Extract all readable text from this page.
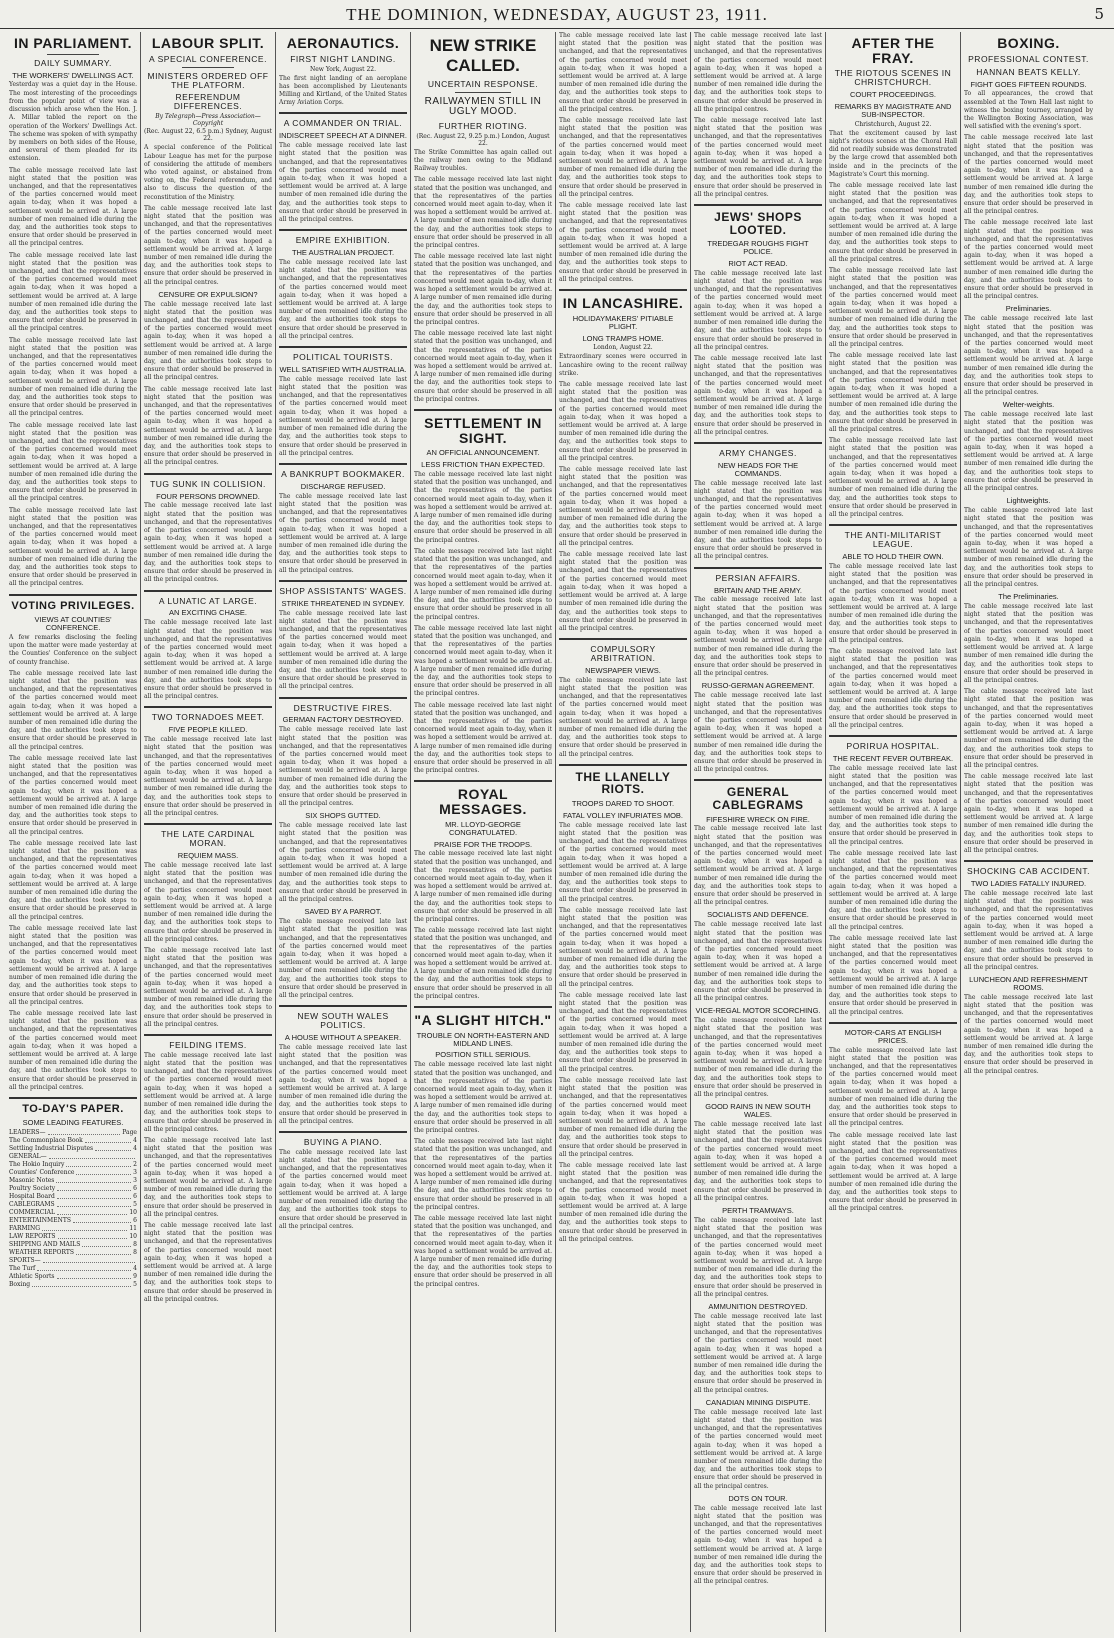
THE DOMINION, WEDNESDAY, AUGUST 23, 1911.	5
IN PARLIAMENT.
DAILY SUMMARY.
THE WORKERS' DWELLINGS ACT.

Yesterday was a quiet day in the House. The most interesting of the proceedings from the popular point of view was a discussion which arose when the Hon. J. A. Millar tabled the report on the operation of the Workers' Dwellings Act. The scheme was spoken of with sympathy by members on both sides of the House, and several of them pleaded for its extension.

The cable message received late last night stated that the position was unchanged, and that the representatives of the parties concerned would meet again to-day, when it was hoped a settlement would be arrived at. A large number of men remained idle during the day, and the authorities took steps to ensure that order should be preserved in all the principal centres.

The cable message received late last night stated that the position was unchanged, and that the representatives of the parties concerned would meet again to-day, when it was hoped a settlement would be arrived at. A large number of men remained idle during the day, and the authorities took steps to ensure that order should be preserved in all the principal centres.

The cable message received late last night stated that the position was unchanged, and that the representatives of the parties concerned would meet again to-day, when it was hoped a settlement would be arrived at. A large number of men remained idle during the day, and the authorities took steps to ensure that order should be preserved in all the principal centres.

The cable message received late last night stated that the position was unchanged, and that the representatives of the parties concerned would meet again to-day, when it was hoped a settlement would be arrived at. A large number of men remained idle during the day, and the authorities took steps to ensure that order should be preserved in all the principal centres.

The cable message received late last night stated that the position was unchanged, and that the representatives of the parties concerned would meet again to-day, when it was hoped a settlement would be arrived at. A large number of men remained idle during the day, and the authorities took steps to ensure that order should be preserved in all the principal centres.

VOTING PRIVILEGES.
VIEWS AT COUNTIES' CONFERENCE.

A few remarks disclosing the feeling upon the matter were made yesterday at the Counties' Conference on the subject of county franchise.

The cable message received late last night stated that the position was unchanged, and that the representatives of the parties concerned would meet again to-day, when it was hoped a settlement would be arrived at. A large number of men remained idle during the day, and the authorities took steps to ensure that order should be preserved in all the principal centres.

The cable message received late last night stated that the position was unchanged, and that the representatives of the parties concerned would meet again to-day, when it was hoped a settlement would be arrived at. A large number of men remained idle during the day, and the authorities took steps to ensure that order should be preserved in all the principal centres.

The cable message received late last night stated that the position was unchanged, and that the representatives of the parties concerned would meet again to-day, when it was hoped a settlement would be arrived at. A large number of men remained idle during the day, and the authorities took steps to ensure that order should be preserved in all the principal centres.

The cable message received late last night stated that the position was unchanged, and that the representatives of the parties concerned would meet again to-day, when it was hoped a settlement would be arrived at. A large number of men remained idle during the day, and the authorities took steps to ensure that order should be preserved in all the principal centres.

The cable message received late last night stated that the position was unchanged, and that the representatives of the parties concerned would meet again to-day, when it was hoped a settlement would be arrived at. A large number of men remained idle during the day, and the authorities took steps to ensure that order should be preserved in all the principal centres.

TO-DAY'S PAPER.
SOME LEADING FEATURES.
LEADERS—	Page
The Commonplace Book	4
Settling Industrial Disputes	4
GENERAL—
The Hokio Inquiry	2
Counties' Conference	3
Masonic Notes	3
Poultry Society	6
Hospital Board	6
CABLEGRAMS	5
COMMERCIAL	10
ENTERTAINMENTS	6
FARMING	11
LAW REPORTS	10
SHIPPING AND MAILS	8
WEATHER REPORTS	8
SPORTS—
The Turf	4
Athletic Sports	9
Boxing	5
LABOUR SPLIT.
A SPECIAL CONFERENCE.
MINISTERS ORDERED OFF THE PLATFORM.
REFERENDUM DIFFERENCES.
By Telegraph—Press Association—Copyright
(Rec. August 22, 6.5 p.m.) Sydney, August 22.

A special conference of the Political Labour League has met for the purpose of considering the attitude of members who voted against, or abstained from voting on, the Federal referendum, and also to discuss the question of the reconstitution of the Ministry.

The cable message received late last night stated that the position was unchanged, and that the representatives of the parties concerned would meet again to-day, when it was hoped a settlement would be arrived at. A large number of men remained idle during the day, and the authorities took steps to ensure that order should be preserved in all the principal centres.

CENSURE OR EXPULSION?

The cable message received late last night stated that the position was unchanged, and that the representatives of the parties concerned would meet again to-day, when it was hoped a settlement would be arrived at. A large number of men remained idle during the day, and the authorities took steps to ensure that order should be preserved in all the principal centres.

The cable message received late last night stated that the position was unchanged, and that the representatives of the parties concerned would meet again to-day, when it was hoped a settlement would be arrived at. A large number of men remained idle during the day, and the authorities took steps to ensure that order should be preserved in all the principal centres.

TUG SUNK IN COLLISION.
FOUR PERSONS DROWNED.

The cable message received late last night stated that the position was unchanged, and that the representatives of the parties concerned would meet again to-day, when it was hoped a settlement would be arrived at. A large number of men remained idle during the day, and the authorities took steps to ensure that order should be preserved in all the principal centres.

A LUNATIC AT LARGE.
AN EXCITING CHASE.

The cable message received late last night stated that the position was unchanged, and that the representatives of the parties concerned would meet again to-day, when it was hoped a settlement would be arrived at. A large number of men remained idle during the day, and the authorities took steps to ensure that order should be preserved in all the principal centres.

TWO TORNADOES MEET.
FIVE PEOPLE KILLED.

The cable message received late last night stated that the position was unchanged, and that the representatives of the parties concerned would meet again to-day, when it was hoped a settlement would be arrived at. A large number of men remained idle during the day, and the authorities took steps to ensure that order should be preserved in all the principal centres.

THE LATE CARDINAL MORAN.
REQUIEM MASS.

The cable message received late last night stated that the position was unchanged, and that the representatives of the parties concerned would meet again to-day, when it was hoped a settlement would be arrived at. A large number of men remained idle during the day, and the authorities took steps to ensure that order should be preserved in all the principal centres.

The cable message received late last night stated that the position was unchanged, and that the representatives of the parties concerned would meet again to-day, when it was hoped a settlement would be arrived at. A large number of men remained idle during the day, and the authorities took steps to ensure that order should be preserved in all the principal centres.

FEILDING ITEMS.

The cable message received late last night stated that the position was unchanged, and that the representatives of the parties concerned would meet again to-day, when it was hoped a settlement would be arrived at. A large number of men remained idle during the day, and the authorities took steps to ensure that order should be preserved in all the principal centres.

The cable message received late last night stated that the position was unchanged, and that the representatives of the parties concerned would meet again to-day, when it was hoped a settlement would be arrived at. A large number of men remained idle during the day, and the authorities took steps to ensure that order should be preserved in all the principal centres.

The cable message received late last night stated that the position was unchanged, and that the representatives of the parties concerned would meet again to-day, when it was hoped a settlement would be arrived at. A large number of men remained idle during the day, and the authorities took steps to ensure that order should be preserved in all the principal centres.

AERONAUTICS.
FIRST NIGHT LANDING.
New York, August 22.

The first night landing of an aeroplane has been accomplished by Lieutenants Milling and Kirtland, of the United States Army Aviation Corps.

A COMMANDER ON TRIAL.
INDISCREET SPEECH AT A DINNER.

The cable message received late last night stated that the position was unchanged, and that the representatives of the parties concerned would meet again to-day, when it was hoped a settlement would be arrived at. A large number of men remained idle during the day, and the authorities took steps to ensure that order should be preserved in all the principal centres.

EMPIRE EXHIBITION.
THE AUSTRALIAN PROJECT.

The cable message received late last night stated that the position was unchanged, and that the representatives of the parties concerned would meet again to-day, when it was hoped a settlement would be arrived at. A large number of men remained idle during the day, and the authorities took steps to ensure that order should be preserved in all the principal centres.

POLITICAL TOURISTS.
WELL SATISFIED WITH AUSTRALIA.

The cable message received late last night stated that the position was unchanged, and that the representatives of the parties concerned would meet again to-day, when it was hoped a settlement would be arrived at. A large number of men remained idle during the day, and the authorities took steps to ensure that order should be preserved in all the principal centres.

A BANKRUPT BOOKMAKER.
DISCHARGE REFUSED.

The cable message received late last night stated that the position was unchanged, and that the representatives of the parties concerned would meet again to-day, when it was hoped a settlement would be arrived at. A large number of men remained idle during the day, and the authorities took steps to ensure that order should be preserved in all the principal centres.

SHOP ASSISTANTS' WAGES.
STRIKE THREATENED IN SYDNEY.

The cable message received late last night stated that the position was unchanged, and that the representatives of the parties concerned would meet again to-day, when it was hoped a settlement would be arrived at. A large number of men remained idle during the day, and the authorities took steps to ensure that order should be preserved in all the principal centres.

DESTRUCTIVE FIRES.
GERMAN FACTORY DESTROYED.

The cable message received late last night stated that the position was unchanged, and that the representatives of the parties concerned would meet again to-day, when it was hoped a settlement would be arrived at. A large number of men remained idle during the day, and the authorities took steps to ensure that order should be preserved in all the principal centres.

SIX SHOPS GUTTED.

The cable message received late last night stated that the position was unchanged, and that the representatives of the parties concerned would meet again to-day, when it was hoped a settlement would be arrived at. A large number of men remained idle during the day, and the authorities took steps to ensure that order should be preserved in all the principal centres.

SAVED BY A PARROT.

The cable message received late last night stated that the position was unchanged, and that the representatives of the parties concerned would meet again to-day, when it was hoped a settlement would be arrived at. A large number of men remained idle during the day, and the authorities took steps to ensure that order should be preserved in all the principal centres.

NEW SOUTH WALES POLITICS.
A HOUSE WITHOUT A SPEAKER.

The cable message received late last night stated that the position was unchanged, and that the representatives of the parties concerned would meet again to-day, when it was hoped a settlement would be arrived at. A large number of men remained idle during the day, and the authorities took steps to ensure that order should be preserved in all the principal centres.

BUYING A PIANO.

The cable message received late last night stated that the position was unchanged, and that the representatives of the parties concerned would meet again to-day, when it was hoped a settlement would be arrived at. A large number of men remained idle during the day, and the authorities took steps to ensure that order should be preserved in all the principal centres.

NEW STRIKE CALLED.
UNCERTAIN RESPONSE.
RAILWAYMEN STILL IN UGLY MOOD.
FURTHER RIOTING.
(Rec. August 22, 9.25 p.m.) London, August 22.

The Strike Committee has again called out the railway men owing to the Midland Railway troubles.

The cable message received late last night stated that the position was unchanged, and that the representatives of the parties concerned would meet again to-day, when it was hoped a settlement would be arrived at. A large number of men remained idle during the day, and the authorities took steps to ensure that order should be preserved in all the principal centres.

The cable message received late last night stated that the position was unchanged, and that the representatives of the parties concerned would meet again to-day, when it was hoped a settlement would be arrived at. A large number of men remained idle during the day, and the authorities took steps to ensure that order should be preserved in all the principal centres.

The cable message received late last night stated that the position was unchanged, and that the representatives of the parties concerned would meet again to-day, when it was hoped a settlement would be arrived at. A large number of men remained idle during the day, and the authorities took steps to ensure that order should be preserved in all the principal centres.

SETTLEMENT IN SIGHT.
AN OFFICIAL ANNOUNCEMENT.
LESS FRICTION THAN EXPECTED.

The cable message received late last night stated that the position was unchanged, and that the representatives of the parties concerned would meet again to-day, when it was hoped a settlement would be arrived at. A large number of men remained idle during the day, and the authorities took steps to ensure that order should be preserved in all the principal centres.

The cable message received late last night stated that the position was unchanged, and that the representatives of the parties concerned would meet again to-day, when it was hoped a settlement would be arrived at. A large number of men remained idle during the day, and the authorities took steps to ensure that order should be preserved in all the principal centres.

The cable message received late last night stated that the position was unchanged, and that the representatives of the parties concerned would meet again to-day, when it was hoped a settlement would be arrived at. A large number of men remained idle during the day, and the authorities took steps to ensure that order should be preserved in all the principal centres.

The cable message received late last night stated that the position was unchanged, and that the representatives of the parties concerned would meet again to-day, when it was hoped a settlement would be arrived at. A large number of men remained idle during the day, and the authorities took steps to ensure that order should be preserved in all the principal centres.

ROYAL MESSAGES.
MR. LLOYD-GEORGE CONGRATULATED.
PRAISE FOR THE TROOPS.

The cable message received late last night stated that the position was unchanged, and that the representatives of the parties concerned would meet again to-day, when it was hoped a settlement would be arrived at. A large number of men remained idle during the day, and the authorities took steps to ensure that order should be preserved in all the principal centres.

The cable message received late last night stated that the position was unchanged, and that the representatives of the parties concerned would meet again to-day, when it was hoped a settlement would be arrived at. A large number of men remained idle during the day, and the authorities took steps to ensure that order should be preserved in all the principal centres.

"A SLIGHT HITCH."
TROUBLE ON NORTH-EASTERN AND MIDLAND LINES.
POSITION STILL SERIOUS.

The cable message received late last night stated that the position was unchanged, and that the representatives of the parties concerned would meet again to-day, when it was hoped a settlement would be arrived at. A large number of men remained idle during the day, and the authorities took steps to ensure that order should be preserved in all the principal centres.

The cable message received late last night stated that the position was unchanged, and that the representatives of the parties concerned would meet again to-day, when it was hoped a settlement would be arrived at. A large number of men remained idle during the day, and the authorities took steps to ensure that order should be preserved in all the principal centres.

The cable message received late last night stated that the position was unchanged, and that the representatives of the parties concerned would meet again to-day, when it was hoped a settlement would be arrived at. A large number of men remained idle during the day, and the authorities took steps to ensure that order should be preserved in all the principal centres.

The cable message received late last night stated that the position was unchanged, and that the representatives of the parties concerned would meet again to-day, when it was hoped a settlement would be arrived at. A large number of men remained idle during the day, and the authorities took steps to ensure that order should be preserved in all the principal centres.

The cable message received late last night stated that the position was unchanged, and that the representatives of the parties concerned would meet again to-day, when it was hoped a settlement would be arrived at. A large number of men remained idle during the day, and the authorities took steps to ensure that order should be preserved in all the principal centres.

The cable message received late last night stated that the position was unchanged, and that the representatives of the parties concerned would meet again to-day, when it was hoped a settlement would be arrived at. A large number of men remained idle during the day, and the authorities took steps to ensure that order should be preserved in all the principal centres.

IN LANCASHIRE.
HOLIDAYMAKERS' PITIABLE PLIGHT.
LONG TRAMPS HOME.
London, August 22.

Extraordinary scenes were occurred in Lancashire owing to the recent railway strike.

The cable message received late last night stated that the position was unchanged, and that the representatives of the parties concerned would meet again to-day, when it was hoped a settlement would be arrived at. A large number of men remained idle during the day, and the authorities took steps to ensure that order should be preserved in all the principal centres.

The cable message received late last night stated that the position was unchanged, and that the representatives of the parties concerned would meet again to-day, when it was hoped a settlement would be arrived at. A large number of men remained idle during the day, and the authorities took steps to ensure that order should be preserved in all the principal centres.

The cable message received late last night stated that the position was unchanged, and that the representatives of the parties concerned would meet again to-day, when it was hoped a settlement would be arrived at. A large number of men remained idle during the day, and the authorities took steps to ensure that order should be preserved in all the principal centres.

COMPULSORY ARBITRATION.
NEWSPAPER VIEWS.

The cable message received late last night stated that the position was unchanged, and that the representatives of the parties concerned would meet again to-day, when it was hoped a settlement would be arrived at. A large number of men remained idle during the day, and the authorities took steps to ensure that order should be preserved in all the principal centres.

THE LLANELLY RIOTS.
TROOPS DARED TO SHOOT.
FATAL VOLLEY INFURIATES MOB.

The cable message received late last night stated that the position was unchanged, and that the representatives of the parties concerned would meet again to-day, when it was hoped a settlement would be arrived at. A large number of men remained idle during the day, and the authorities took steps to ensure that order should be preserved in all the principal centres.

The cable message received late last night stated that the position was unchanged, and that the representatives of the parties concerned would meet again to-day, when it was hoped a settlement would be arrived at. A large number of men remained idle during the day, and the authorities took steps to ensure that order should be preserved in all the principal centres.

The cable message received late last night stated that the position was unchanged, and that the representatives of the parties concerned would meet again to-day, when it was hoped a settlement would be arrived at. A large number of men remained idle during the day, and the authorities took steps to ensure that order should be preserved in all the principal centres.

The cable message received late last night stated that the position was unchanged, and that the representatives of the parties concerned would meet again to-day, when it was hoped a settlement would be arrived at. A large number of men remained idle during the day, and the authorities took steps to ensure that order should be preserved in all the principal centres.

The cable message received late last night stated that the position was unchanged, and that the representatives of the parties concerned would meet again to-day, when it was hoped a settlement would be arrived at. A large number of men remained idle during the day, and the authorities took steps to ensure that order should be preserved in all the principal centres.

The cable message received late last night stated that the position was unchanged, and that the representatives of the parties concerned would meet again to-day, when it was hoped a settlement would be arrived at. A large number of men remained idle during the day, and the authorities took steps to ensure that order should be preserved in all the principal centres.

The cable message received late last night stated that the position was unchanged, and that the representatives of the parties concerned would meet again to-day, when it was hoped a settlement would be arrived at. A large number of men remained idle during the day, and the authorities took steps to ensure that order should be preserved in all the principal centres.

JEWS' SHOPS LOOTED.
TREDEGAR ROUGHS FIGHT POLICE.
RIOT ACT READ.

The cable message received late last night stated that the position was unchanged, and that the representatives of the parties concerned would meet again to-day, when it was hoped a settlement would be arrived at. A large number of men remained idle during the day, and the authorities took steps to ensure that order should be preserved in all the principal centres.

The cable message received late last night stated that the position was unchanged, and that the representatives of the parties concerned would meet again to-day, when it was hoped a settlement would be arrived at. A large number of men remained idle during the day, and the authorities took steps to ensure that order should be preserved in all the principal centres.

ARMY CHANGES.
NEW HEADS FOR THE COMMANDS.

The cable message received late last night stated that the position was unchanged, and that the representatives of the parties concerned would meet again to-day, when it was hoped a settlement would be arrived at. A large number of men remained idle during the day, and the authorities took steps to ensure that order should be preserved in all the principal centres.

PERSIAN AFFAIRS.
BRITAIN AND THE ARMY.

The cable message received late last night stated that the position was unchanged, and that the representatives of the parties concerned would meet again to-day, when it was hoped a settlement would be arrived at. A large number of men remained idle during the day, and the authorities took steps to ensure that order should be preserved in all the principal centres.

RUSSO-GERMAN AGREEMENT.

The cable message received late last night stated that the position was unchanged, and that the representatives of the parties concerned would meet again to-day, when it was hoped a settlement would be arrived at. A large number of men remained idle during the day, and the authorities took steps to ensure that order should be preserved in all the principal centres.

GENERAL CABLEGRAMS
FIFESHIRE WRECK ON FIRE.

The cable message received late last night stated that the position was unchanged, and that the representatives of the parties concerned would meet again to-day, when it was hoped a settlement would be arrived at. A large number of men remained idle during the day, and the authorities took steps to ensure that order should be preserved in all the principal centres.

SOCIALISTS AND DEFENCE.

The cable message received late last night stated that the position was unchanged, and that the representatives of the parties concerned would meet again to-day, when it was hoped a settlement would be arrived at. A large number of men remained idle during the day, and the authorities took steps to ensure that order should be preserved in all the principal centres.

VICE-REGAL MOTOR SCORCHING.

The cable message received late last night stated that the position was unchanged, and that the representatives of the parties concerned would meet again to-day, when it was hoped a settlement would be arrived at. A large number of men remained idle during the day, and the authorities took steps to ensure that order should be preserved in all the principal centres.

GOOD RAINS IN NEW SOUTH WALES.

The cable message received late last night stated that the position was unchanged, and that the representatives of the parties concerned would meet again to-day, when it was hoped a settlement would be arrived at. A large number of men remained idle during the day, and the authorities took steps to ensure that order should be preserved in all the principal centres.

PERTH TRAMWAYS.

The cable message received late last night stated that the position was unchanged, and that the representatives of the parties concerned would meet again to-day, when it was hoped a settlement would be arrived at. A large number of men remained idle during the day, and the authorities took steps to ensure that order should be preserved in all the principal centres.

AMMUNITION DESTROYED.

The cable message received late last night stated that the position was unchanged, and that the representatives of the parties concerned would meet again to-day, when it was hoped a settlement would be arrived at. A large number of men remained idle during the day, and the authorities took steps to ensure that order should be preserved in all the principal centres.

CANADIAN MINING DISPUTE.

The cable message received late last night stated that the position was unchanged, and that the representatives of the parties concerned would meet again to-day, when it was hoped a settlement would be arrived at. A large number of men remained idle during the day, and the authorities took steps to ensure that order should be preserved in all the principal centres.

DOTS ON TOUR.

The cable message received late last night stated that the position was unchanged, and that the representatives of the parties concerned would meet again to-day, when it was hoped a settlement would be arrived at. A large number of men remained idle during the day, and the authorities took steps to ensure that order should be preserved in all the principal centres.

AFTER THE FRAY.
THE RIOTOUS SCENES IN CHRISTCHURCH.
COURT PROCEEDINGS.
REMARKS BY MAGISTRATE AND SUB-INSPECTOR.
Christchurch, August 22.

That the excitement caused by last night's riotous scenes at the Choral Hall did not readily subside was demonstrated by the large crowd that assembled both inside and in the precincts of the Magistrate's Court this morning.

The cable message received late last night stated that the position was unchanged, and that the representatives of the parties concerned would meet again to-day, when it was hoped a settlement would be arrived at. A large number of men remained idle during the day, and the authorities took steps to ensure that order should be preserved in all the principal centres.

The cable message received late last night stated that the position was unchanged, and that the representatives of the parties concerned would meet again to-day, when it was hoped a settlement would be arrived at. A large number of men remained idle during the day, and the authorities took steps to ensure that order should be preserved in all the principal centres.

The cable message received late last night stated that the position was unchanged, and that the representatives of the parties concerned would meet again to-day, when it was hoped a settlement would be arrived at. A large number of men remained idle during the day, and the authorities took steps to ensure that order should be preserved in all the principal centres.

The cable message received late last night stated that the position was unchanged, and that the representatives of the parties concerned would meet again to-day, when it was hoped a settlement would be arrived at. A large number of men remained idle during the day, and the authorities took steps to ensure that order should be preserved in all the principal centres.

THE ANTI-MILITARIST LEAGUE.
ABLE TO HOLD THEIR OWN.

The cable message received late last night stated that the position was unchanged, and that the representatives of the parties concerned would meet again to-day, when it was hoped a settlement would be arrived at. A large number of men remained idle during the day, and the authorities took steps to ensure that order should be preserved in all the principal centres.

The cable message received late last night stated that the position was unchanged, and that the representatives of the parties concerned would meet again to-day, when it was hoped a settlement would be arrived at. A large number of men remained idle during the day, and the authorities took steps to ensure that order should be preserved in all the principal centres.

PORIRUA HOSPITAL.
THE RECENT FEVER OUTBREAK.

The cable message received late last night stated that the position was unchanged, and that the representatives of the parties concerned would meet again to-day, when it was hoped a settlement would be arrived at. A large number of men remained idle during the day, and the authorities took steps to ensure that order should be preserved in all the principal centres.

The cable message received late last night stated that the position was unchanged, and that the representatives of the parties concerned would meet again to-day, when it was hoped a settlement would be arrived at. A large number of men remained idle during the day, and the authorities took steps to ensure that order should be preserved in all the principal centres.

The cable message received late last night stated that the position was unchanged, and that the representatives of the parties concerned would meet again to-day, when it was hoped a settlement would be arrived at. A large number of men remained idle during the day, and the authorities took steps to ensure that order should be preserved in all the principal centres.

MOTOR-CARS AT ENGLISH PRICES.

The cable message received late last night stated that the position was unchanged, and that the representatives of the parties concerned would meet again to-day, when it was hoped a settlement would be arrived at. A large number of men remained idle during the day, and the authorities took steps to ensure that order should be preserved in all the principal centres.

The cable message received late last night stated that the position was unchanged, and that the representatives of the parties concerned would meet again to-day, when it was hoped a settlement would be arrived at. A large number of men remained idle during the day, and the authorities took steps to ensure that order should be preserved in all the principal centres.

BOXING.
PROFESSIONAL CONTEST.
HANNAN BEATS KELLY.
FIGHT GOES FIFTEEN ROUNDS.

To all appearances, the crowd that assembled at the Town Hall last night to witness the boxing tourney, arranged by the Wellington Boxing Association, was well satisfied with the evening's sport.

The cable message received late last night stated that the position was unchanged, and that the representatives of the parties concerned would meet again to-day, when it was hoped a settlement would be arrived at. A large number of men remained idle during the day, and the authorities took steps to ensure that order should be preserved in all the principal centres.

The cable message received late last night stated that the position was unchanged, and that the representatives of the parties concerned would meet again to-day, when it was hoped a settlement would be arrived at. A large number of men remained idle during the day, and the authorities took steps to ensure that order should be preserved in all the principal centres.

Preliminaries.

The cable message received late last night stated that the position was unchanged, and that the representatives of the parties concerned would meet again to-day, when it was hoped a settlement would be arrived at. A large number of men remained idle during the day, and the authorities took steps to ensure that order should be preserved in all the principal centres.

Welter-weights.

The cable message received late last night stated that the position was unchanged, and that the representatives of the parties concerned would meet again to-day, when it was hoped a settlement would be arrived at. A large number of men remained idle during the day, and the authorities took steps to ensure that order should be preserved in all the principal centres.

Lightweights.

The cable message received late last night stated that the position was unchanged, and that the representatives of the parties concerned would meet again to-day, when it was hoped a settlement would be arrived at. A large number of men remained idle during the day, and the authorities took steps to ensure that order should be preserved in all the principal centres.

The Preliminaries.

The cable message received late last night stated that the position was unchanged, and that the representatives of the parties concerned would meet again to-day, when it was hoped a settlement would be arrived at. A large number of men remained idle during the day, and the authorities took steps to ensure that order should be preserved in all the principal centres.

The cable message received late last night stated that the position was unchanged, and that the representatives of the parties concerned would meet again to-day, when it was hoped a settlement would be arrived at. A large number of men remained idle during the day, and the authorities took steps to ensure that order should be preserved in all the principal centres.

The cable message received late last night stated that the position was unchanged, and that the representatives of the parties concerned would meet again to-day, when it was hoped a settlement would be arrived at. A large number of men remained idle during the day, and the authorities took steps to ensure that order should be preserved in all the principal centres.

SHOCKING CAB ACCIDENT.
TWO LADIES FATALLY INJURED.

The cable message received late last night stated that the position was unchanged, and that the representatives of the parties concerned would meet again to-day, when it was hoped a settlement would be arrived at. A large number of men remained idle during the day, and the authorities took steps to ensure that order should be preserved in all the principal centres.

LUNCHEON AND REFRESHMENT ROOMS.

The cable message received late last night stated that the position was unchanged, and that the representatives of the parties concerned would meet again to-day, when it was hoped a settlement would be arrived at. A large number of men remained idle during the day, and the authorities took steps to ensure that order should be preserved in all the principal centres.
